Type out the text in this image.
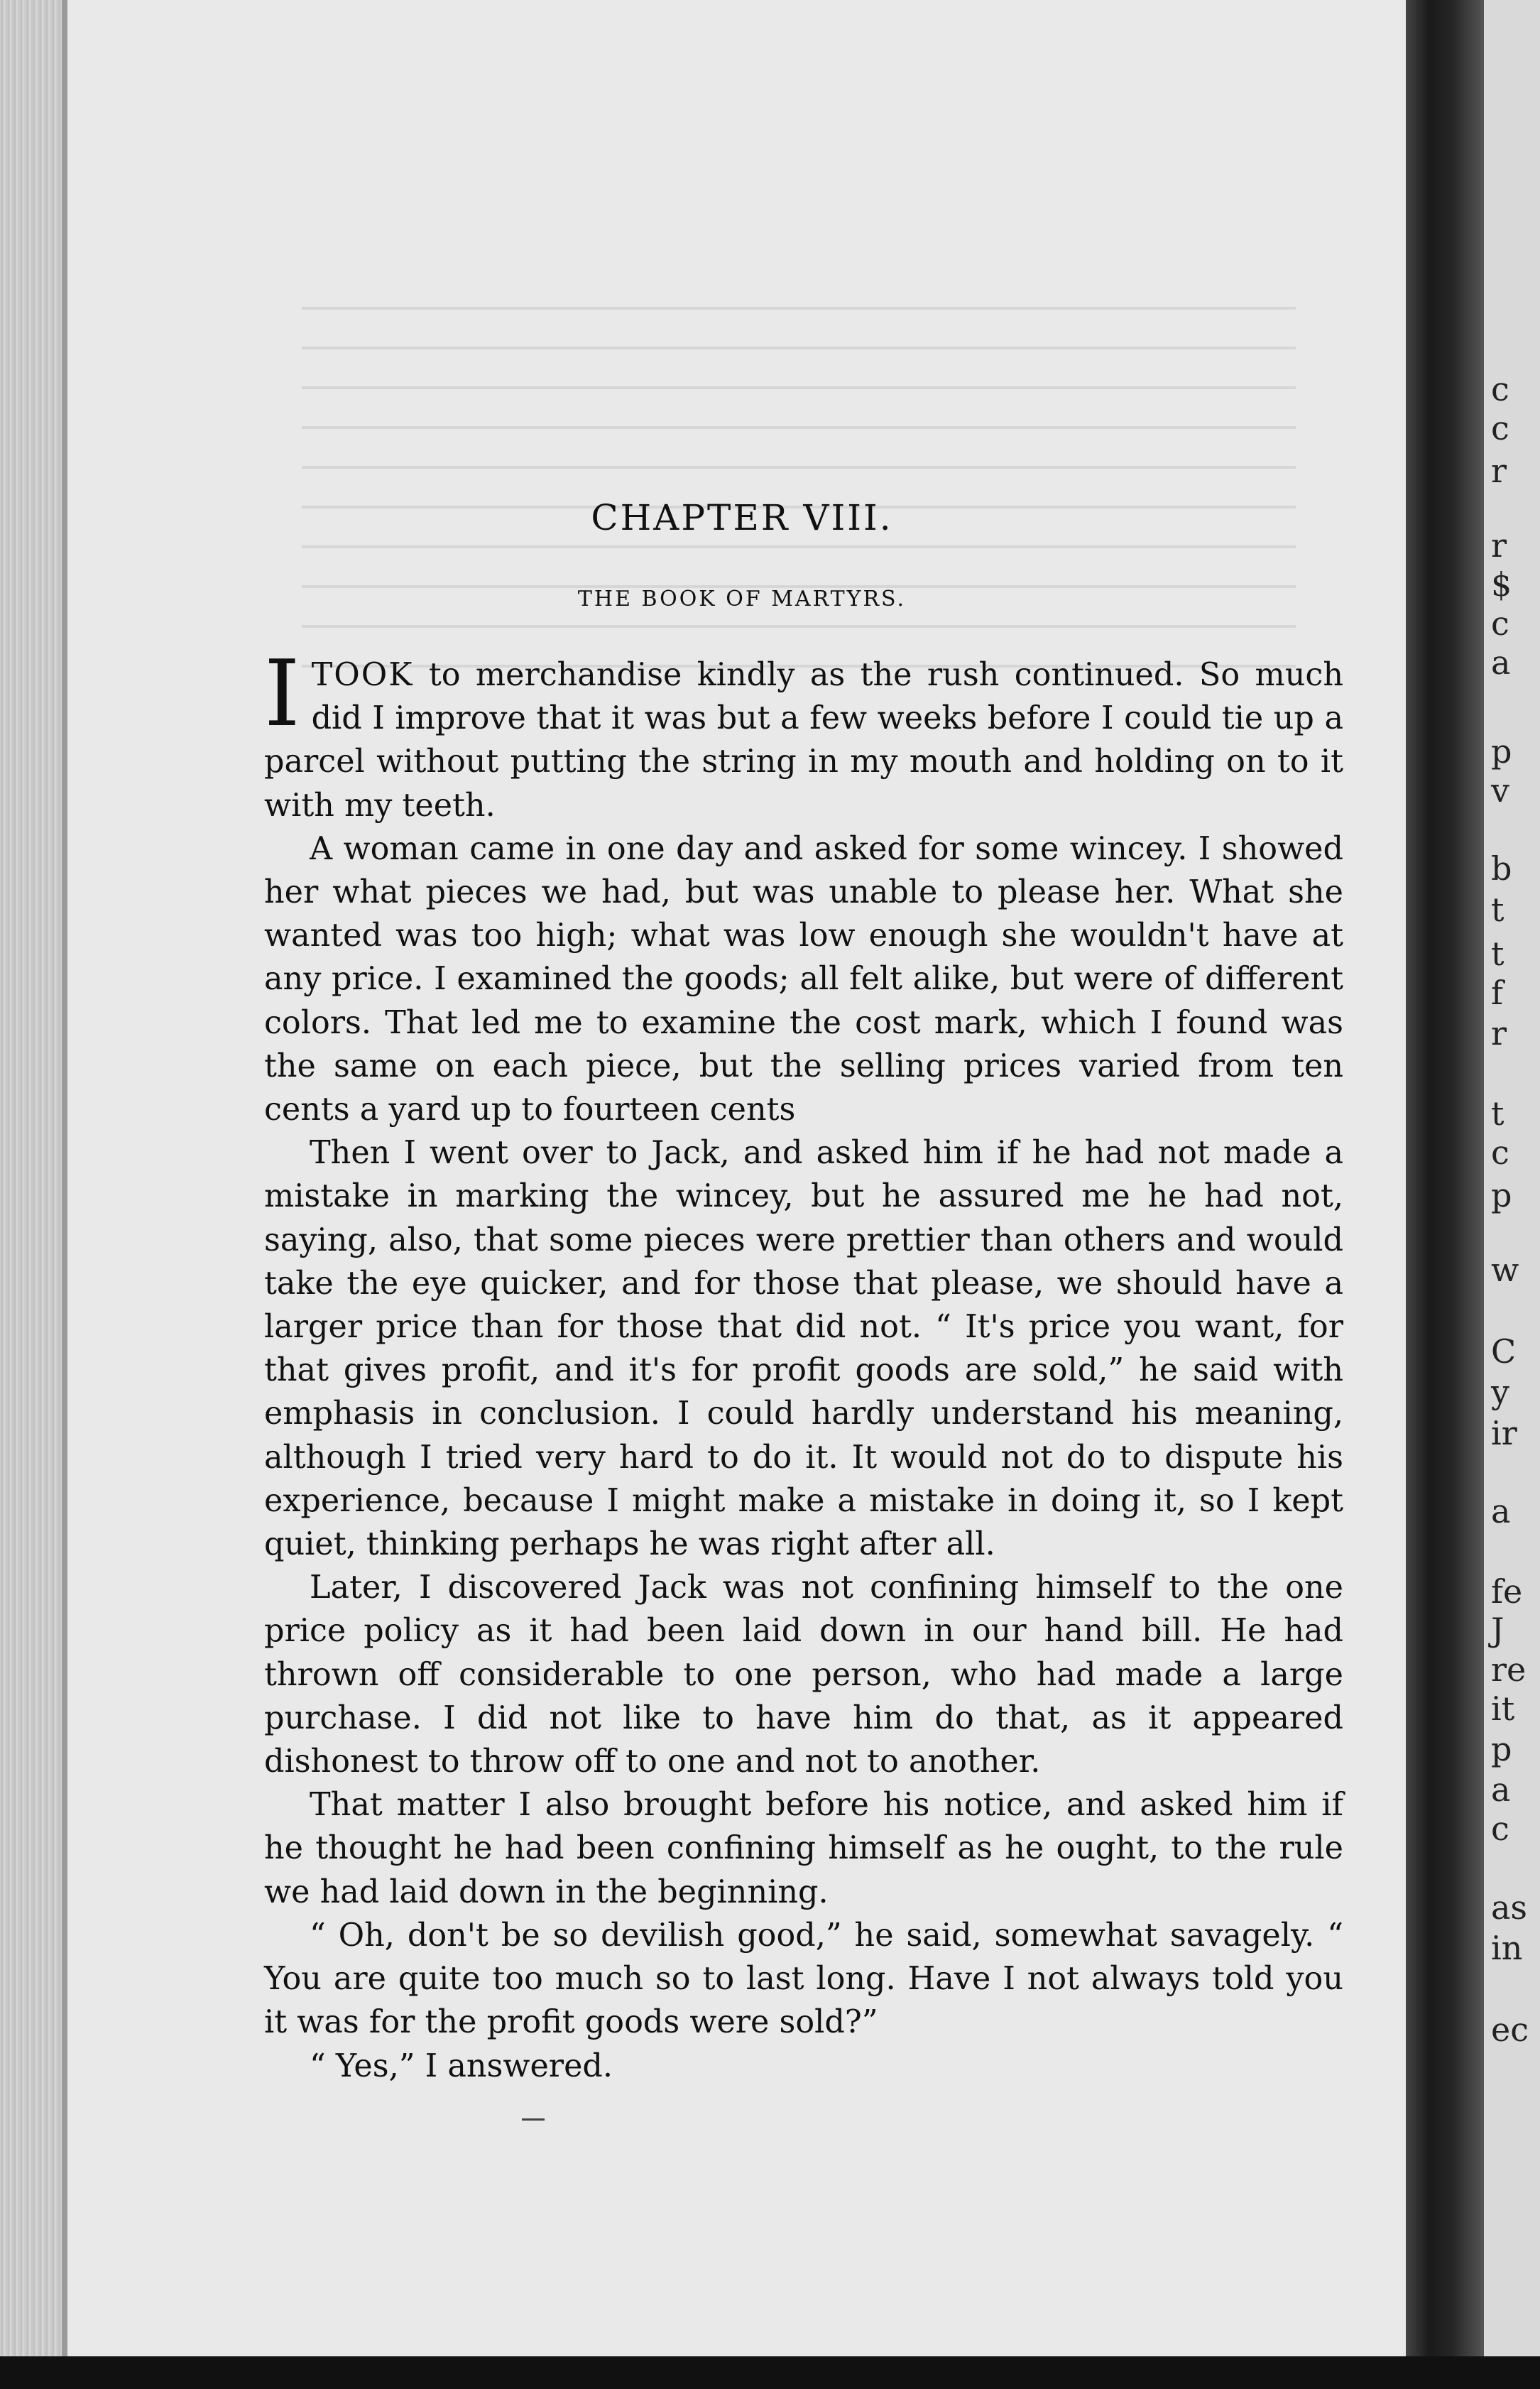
CHAPTER VIII.
THE BOOK OF MARTYRS.

ITOOK to merchandise kindly as the rush continued. So much did I improve that it was but a few weeks before I could tie up a parcel without putting the string in my mouth and holding on to it with my teeth.

A woman came in one day and asked for some wincey. I showed her what pieces we had, but was unable to please her. What she wanted was too high; what was low enough she wouldn't have at any price. I examined the goods; all felt alike, but were of different colors. That led me to examine the cost mark, which I found was the same on each piece, but the selling prices varied from ten cents a yard up to fourteen cents

Then I went over to Jack, and asked him if he had not made a mistake in marking the wincey, but he assured me he had not, saying, also, that some pieces were prettier than others and would take the eye quicker, and for those that please, we should have a larger price than for those that did not. “ It's price you want, for that gives profit, and it's for profit goods are sold,” he said with emphasis in conclusion. I could hardly understand his meaning, although I tried very hard to do it. It would not do to dispute his experience, because I might make a mistake in doing it, so I kept quiet, thinking perhaps he was right after all.

Later, I discovered Jack was not confining himself to the one price policy as it had been laid down in our hand bill. He had thrown off considerable to one person, who had made a large purchase. I did not like to have him do that, as it appeared dishonest to throw off to one and not to another.

That matter I also brought before his notice, and asked him if he thought he had been confining himself as he ought, to the rule we had laid down in the beginning.

“ Oh, don't be so devilish good,” he said, somewhat savagely. “ You are quite too much so to last long. Have I not always told you it was for the profit goods were sold?”

“ Yes,” I answered.

c
c
r
r
$
c
a
p
v
b
t
t
f
r
t
c
p
w
C
y
ir
a
fe
J
re
it
p
a
c
as
in
ec
